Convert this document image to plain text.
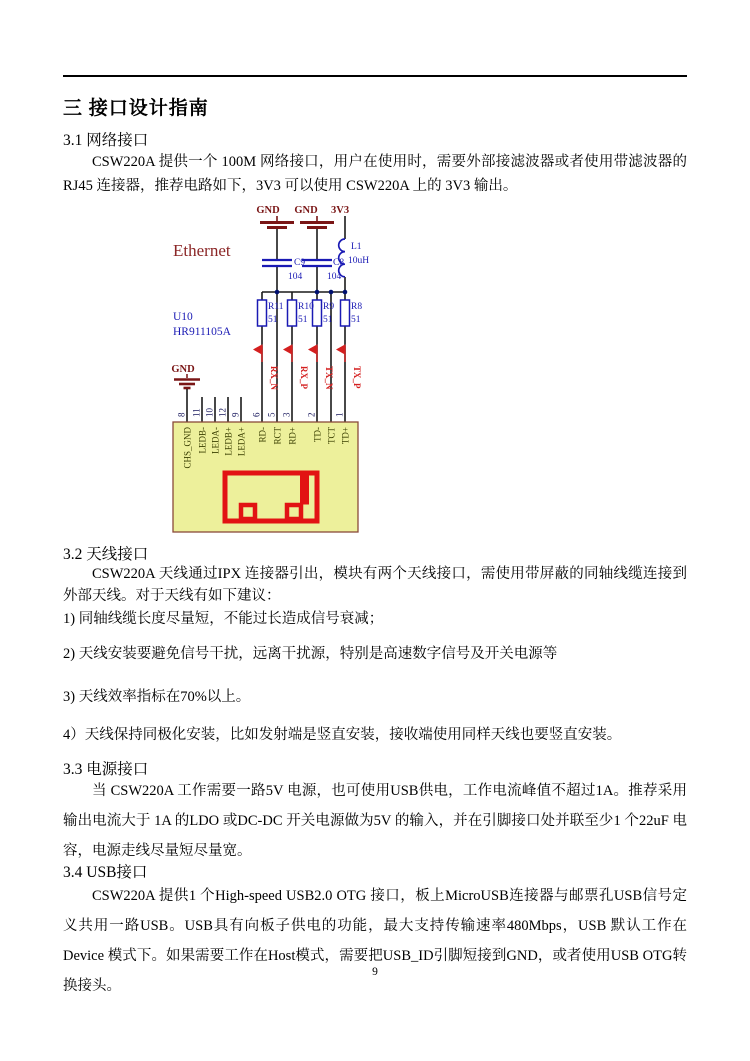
三 接口设计指南
3.1 网络接口
CSW220A 提供一个 100M 网络接口，用户在使用时，需要外部接滤波器或者使用带滤波器的 RJ45 连接器，推荐电路如下，3V3 可以使用 CSW220A 上的 3V3 输出。
Ethernet
U10
HR911105A
GND GND 3V3
GND
L1
10uH
C9
104
C8
104
R11
51
R10
51
R9
51
R8
51
RX_N RX_P TX_N TX_P
8 11 10 12 9 6 5 3 2 1
CHS_GND LEDB- LEDA- LEDB+ LEDA+ RD- RCT RD+ TD- TCT TD+
3.2 天线接口
CSW220A 天线通过IPX 连接器引出，模块有两个天线接口，需使用带屏蔽的同轴线缆连接到外部天线。对于天线有如下建议：
1) 同轴线缆长度尽量短，不能过长造成信号衰减；
2) 天线安装要避免信号干扰，远离干扰源，特别是高速数字信号及开关电源等
3) 天线效率指标在70%以上。
4）天线保持同极化安装，比如发射端是竖直安装，接收端使用同样天线也要竖直安装。
3.3 电源接口
当 CSW220A 工作需要一路5V 电源，也可使用USB供电，工作电流峰值不超过1A。推荐采用输出电流大于 1A 的LDO 或DC-DC 开关电源做为5V 的输入，并在引脚接口处并联至少1 个22uF 电容，电源走线尽量短尽量宽。
3.4 USB接口
CSW220A 提供1 个High-speed USB2.0 OTG 接口，板上MicroUSB连接器与邮票孔USB信号定义共用一路USB。USB具有向板子供电的功能，最大支持传输速率480Mbps，USB 默认工作在Device 模式下。如果需要工作在Host模式，需要把USB_ID引脚短接到GND，或者使用USB OTG转换接头。
9
